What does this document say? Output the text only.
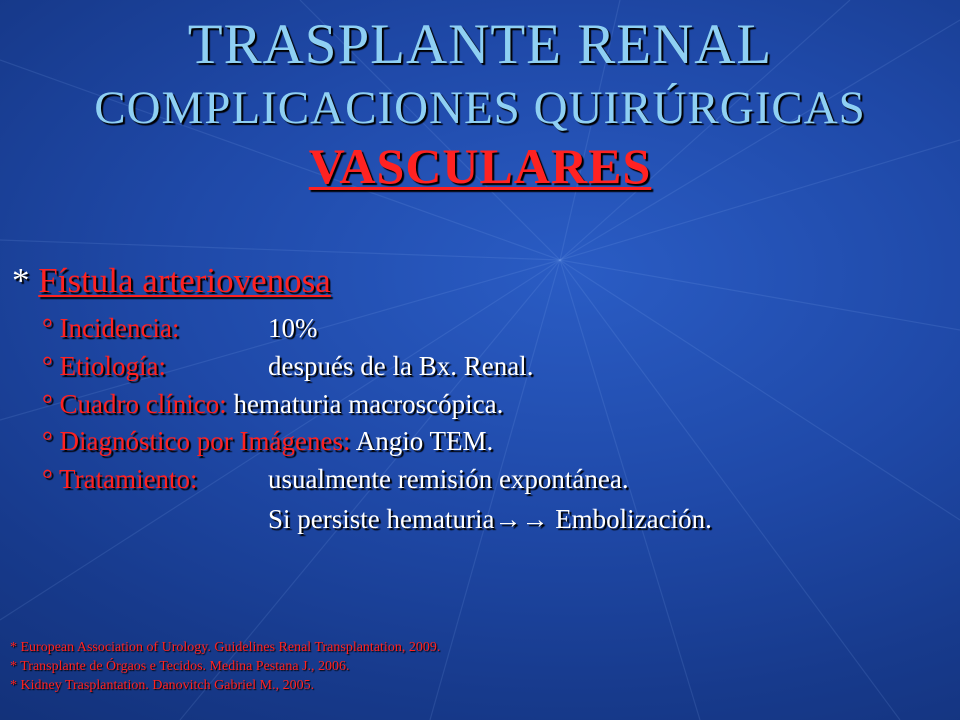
TRASPLANTE RENAL
COMPLICACIONES QUIRÚRGICAS
VASCULARES
* Fístula arteriovenosa
° Incidencia:	10%
° Etiología:	después de la Bx. Renal.
° Cuadro clínico: hematuria macroscópica.
° Diagnóstico por Imágenes: Angio TEM.
° Tratamiento:	usualmente remisión expontánea.
Si persiste hematuria→→ Embolización.
* European Association of Urology. Guidelines Renal Transplantation, 2009.
* Transplante de Órgaos e Tecidos. Medina Pestana J., 2006.
* Kidney Trasplantation. Danovitch Gabriel M., 2005.
